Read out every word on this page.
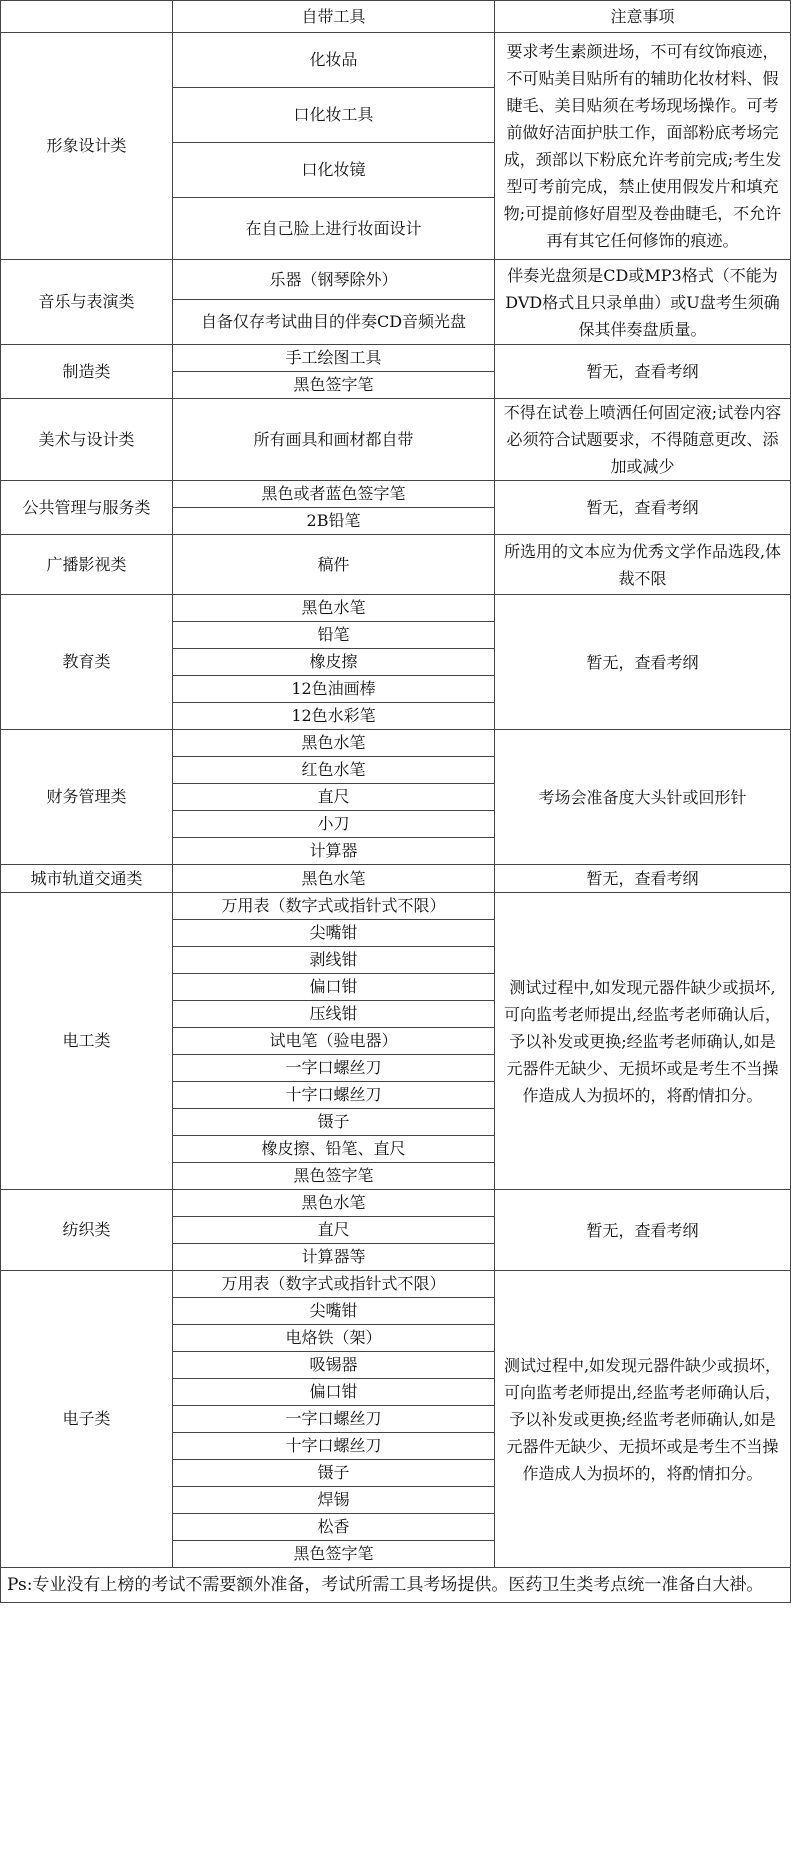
	自带工具	注意事项
形象设计类	化妆品	要求考生素颜进场，不可有纹饰痕迹，不可贴美目贴所有的辅助化妆材料、假睫毛、美目贴须在考场现场操作。可考前做好洁面护肤工作，面部粉底考场完成，颈部以下粉底允许考前完成;考生发型可考前完成，禁止使用假发片和填充物;可提前修好眉型及卷曲睫毛，不允许再有其它任何修饰的痕迹。
	口化妆工具	
	口化妆镜	
	在自己脸上进行妆面设计	
音乐与表演类	乐器（钢琴除外）	伴奏光盘须是CD或MP3格式（不能为DVD格式且只录单曲）或U盘考生须确保其伴奏盘质量。
	自备仅存考试曲目的伴奏CD音频光盘	
制造类	手工绘图工具	暂无，查看考纲
	黑色签字笔	
美术与设计类	所有画具和画材都自带	不得在试卷上喷洒任何固定液;试卷内容必须符合试题要求，不得随意更改、添加或减少
公共管理与服务类	黑色或者蓝色签字笔	暂无，查看考纲
	2B铅笔	
广播影视类	稿件	所选用的文本应为优秀文学作品选段,体裁不限
教育类	黑色水笔	暂无，查看考纲
	铅笔	
	橡皮擦	
	12色油画棒	
	12色水彩笔	
财务管理类	黑色水笔	考场会准备度大头针或回形针
	红色水笔	
	直尺	
	小刀	
	计算器	
城市轨道交通类	黑色水笔	暂无，查看考纲
电工类	万用表（数字式或指针式不限）	测试过程中,如发现元器件缺少或损坏,可向监考老师提出,经监考老师确认后，予以补发或更换;经监考老师确认,如是元器件无缺少、无损坏或是考生不当操作造成人为损坏的，将酌情扣分。
	尖嘴钳	
	剥线钳	
	偏口钳	
	压线钳	
	试电笔（验电器）	
	一字口螺丝刀	
	十字口螺丝刀	
	镊子	
	橡皮擦、铅笔、直尺	
	黑色签字笔	
纺织类	黑色水笔	暂无，查看考纲
	直尺	
	计算器等	
电子类	万用表（数字式或指针式不限）	测试过程中,如发现元器件缺少或损坏，可向监考老师提出,经监考老师确认后，予以补发或更换;经监考老师确认,如是元器件无缺少、无损坏或是考生不当操作造成人为损坏的，将酌情扣分。
	尖嘴钳	
	电烙铁（架）	
	吸锡器	
	偏口钳	
	一字口螺丝刀	
	十字口螺丝刀	
	镊子	
	焊锡	
	松香	
	黑色签字笔	
Ps:专业没有上榜的考试不需要额外准备，考试所需工具考场提供。医药卫生类考点统一准备白大褂。		
